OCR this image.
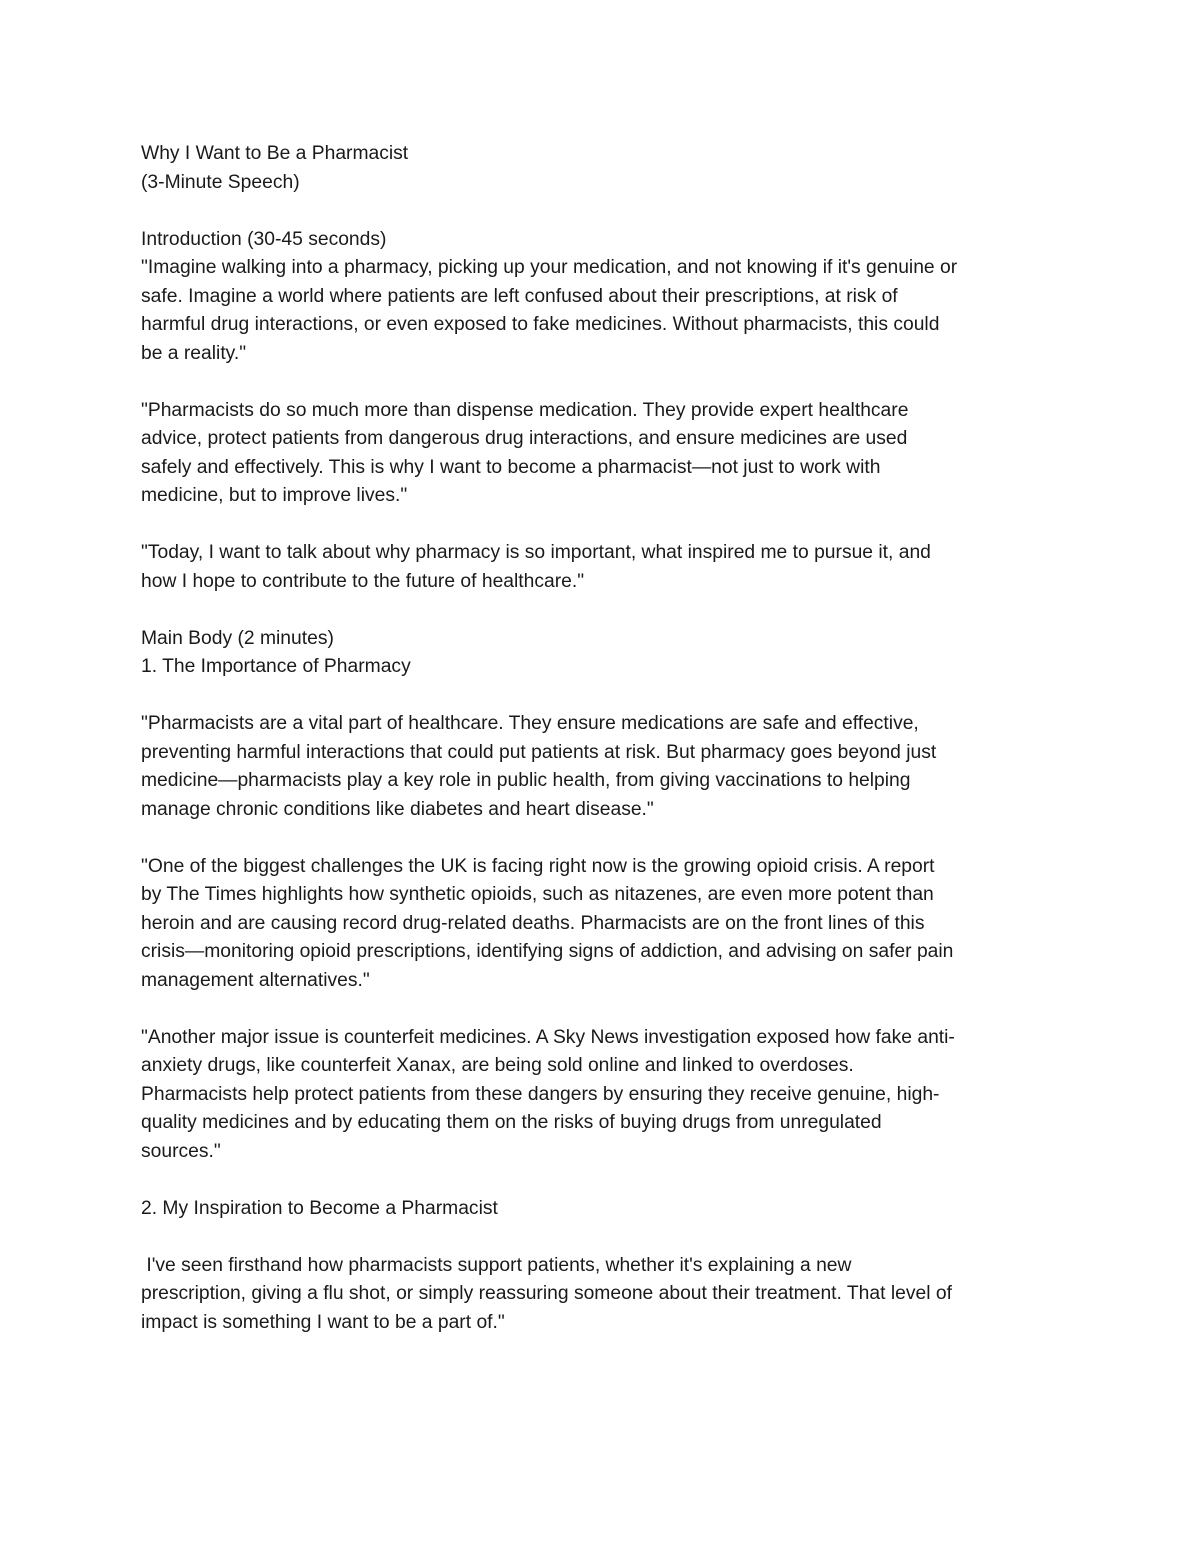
Why I Want to Be a Pharmacist

(3-Minute Speech)

Introduction (30-45 seconds)

"Imagine walking into a pharmacy, picking up your medication, and not knowing if it's genuine or

safe. Imagine a world where patients are left confused about their prescriptions, at risk of

harmful drug interactions, or even exposed to fake medicines. Without pharmacists, this could

be a reality."

"Pharmacists do so much more than dispense medication. They provide expert healthcare

advice, protect patients from dangerous drug interactions, and ensure medicines are used

safely and effectively. This is why I want to become a pharmacist—not just to work with

medicine, but to improve lives."

"Today, I want to talk about why pharmacy is so important, what inspired me to pursue it, and

how I hope to contribute to the future of healthcare."

Main Body (2 minutes)

1. The Importance of Pharmacy

"Pharmacists are a vital part of healthcare. They ensure medications are safe and effective,

preventing harmful interactions that could put patients at risk. But pharmacy goes beyond just

medicine—pharmacists play a key role in public health, from giving vaccinations to helping

manage chronic conditions like diabetes and heart disease."

"One of the biggest challenges the UK is facing right now is the growing opioid crisis. A report

by The Times highlights how synthetic opioids, such as nitazenes, are even more potent than

heroin and are causing record drug-related deaths. Pharmacists are on the front lines of this

crisis—monitoring opioid prescriptions, identifying signs of addiction, and advising on safer pain

management alternatives."

"Another major issue is counterfeit medicines. A Sky News investigation exposed how fake anti-

anxiety drugs, like counterfeit Xanax, are being sold online and linked to overdoses.

Pharmacists help protect patients from these dangers by ensuring they receive genuine, high-

quality medicines and by educating them on the risks of buying drugs from unregulated

sources."

2. My Inspiration to Become a Pharmacist

I've seen firsthand how pharmacists support patients, whether it's explaining a new

prescription, giving a flu shot, or simply reassuring someone about their treatment. That level of

impact is something I want to be a part of."
